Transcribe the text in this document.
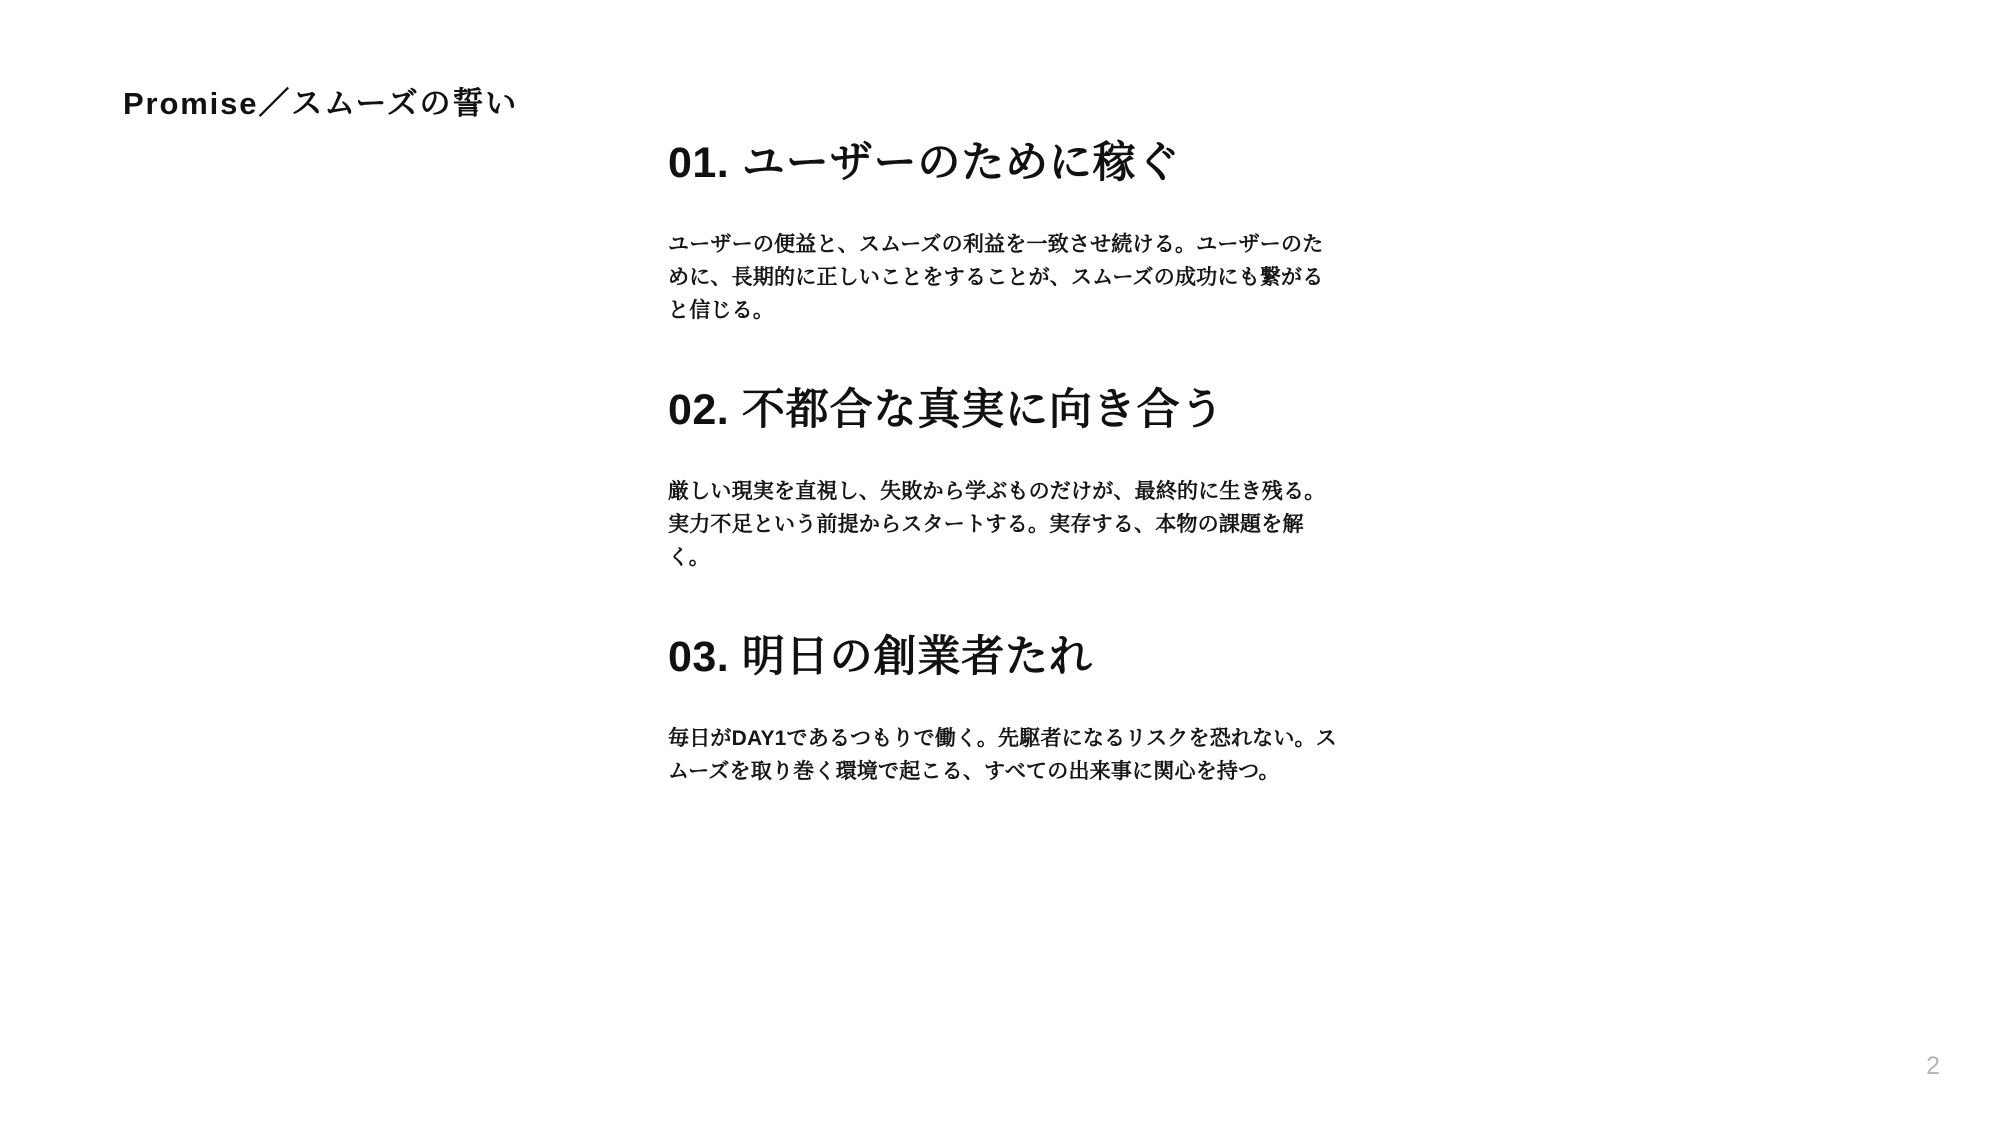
Promise／スムーズの誓い
01. ユーザーのために稼ぐ

ユーザーの便益と、スムーズの利益を一致させ続ける。ユーザーのために、長期的に正しいことをすることが、スムーズの成功にも繋がると信じる。

02. 不都合な真実に向き合う

厳しい現実を直視し、失敗から学ぶものだけが、最終的に生き残る。実力不足という前提からスタートする。実存する、本物の課題を解く。

03. 明日の創業者たれ

毎日がDAY1であるつもりで働く。先駆者になるリスクを恐れない。スムーズを取り巻く環境で起こる、すべての出来事に関心を持つ。

2
